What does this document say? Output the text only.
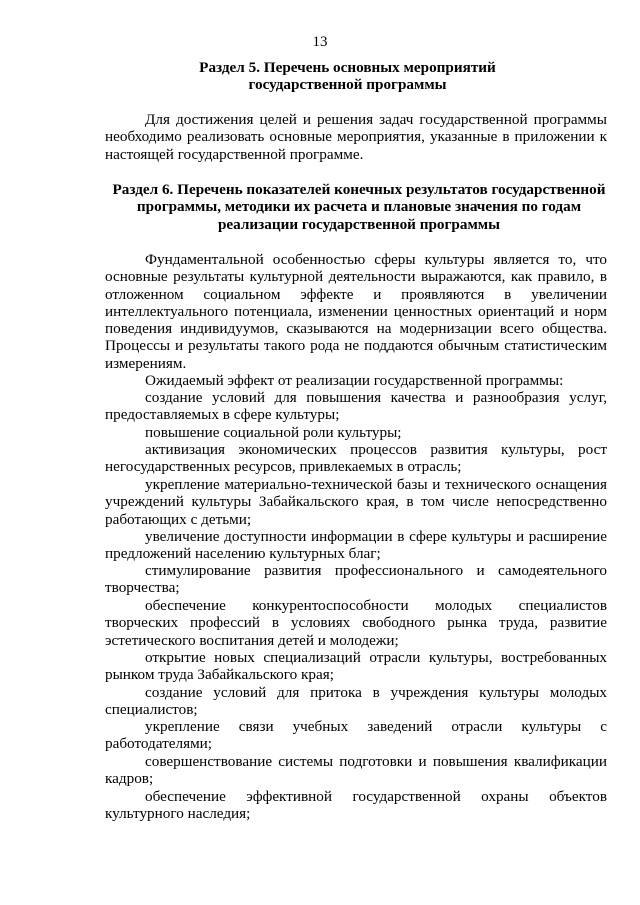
13
Раздел 5. Перечень основных мероприятий государственной программы
Для достижения целей и решения задач государственной программы необходимо реализовать основные мероприятия, указанные в приложении к настоящей государственной программе.
Раздел 6. Перечень показателей конечных результатов государственной программы, методики их расчета и плановые значения по годам реализации государственной программы
Фундаментальной особенностью сферы культуры является то, что основные результаты культурной деятельности выражаются, как правило, в отложенном социальном эффекте и проявляются в увеличении интеллектуального потенциала, изменении ценностных ориентаций и норм поведения индивидуумов, сказываются на модернизации всего общества. Процессы и результаты такого рода не поддаются обычным статистическим измерениям.
Ожидаемый эффект от реализации государственной программы:
создание условий для повышения качества и разнообразия услуг, предоставляемых в сфере культуры;
повышение социальной роли культуры;
активизация экономических процессов развития культуры, рост негосударственных ресурсов, привлекаемых в отрасль;
укрепление материально-технической базы и технического оснащения учреждений культуры Забайкальского края, в том числе непосредственно работающих с детьми;
увеличение доступности информации в сфере культуры и расширение предложений населению культурных благ;
стимулирование развития профессионального и самодеятельного творчества;
обеспечение конкурентоспособности молодых специалистов творческих профессий в условиях свободного рынка труда, развитие эстетического воспитания детей и молодежи;
открытие новых специализаций отрасли культуры, востребованных рынком труда Забайкальского края;
создание условий для притока в учреждения культуры молодых специалистов;
укрепление связи учебных заведений отрасли культуры с работодателями;
совершенствование системы подготовки и повышения квалификации кадров;
обеспечение эффективной государственной охраны объектов культурного наследия;
